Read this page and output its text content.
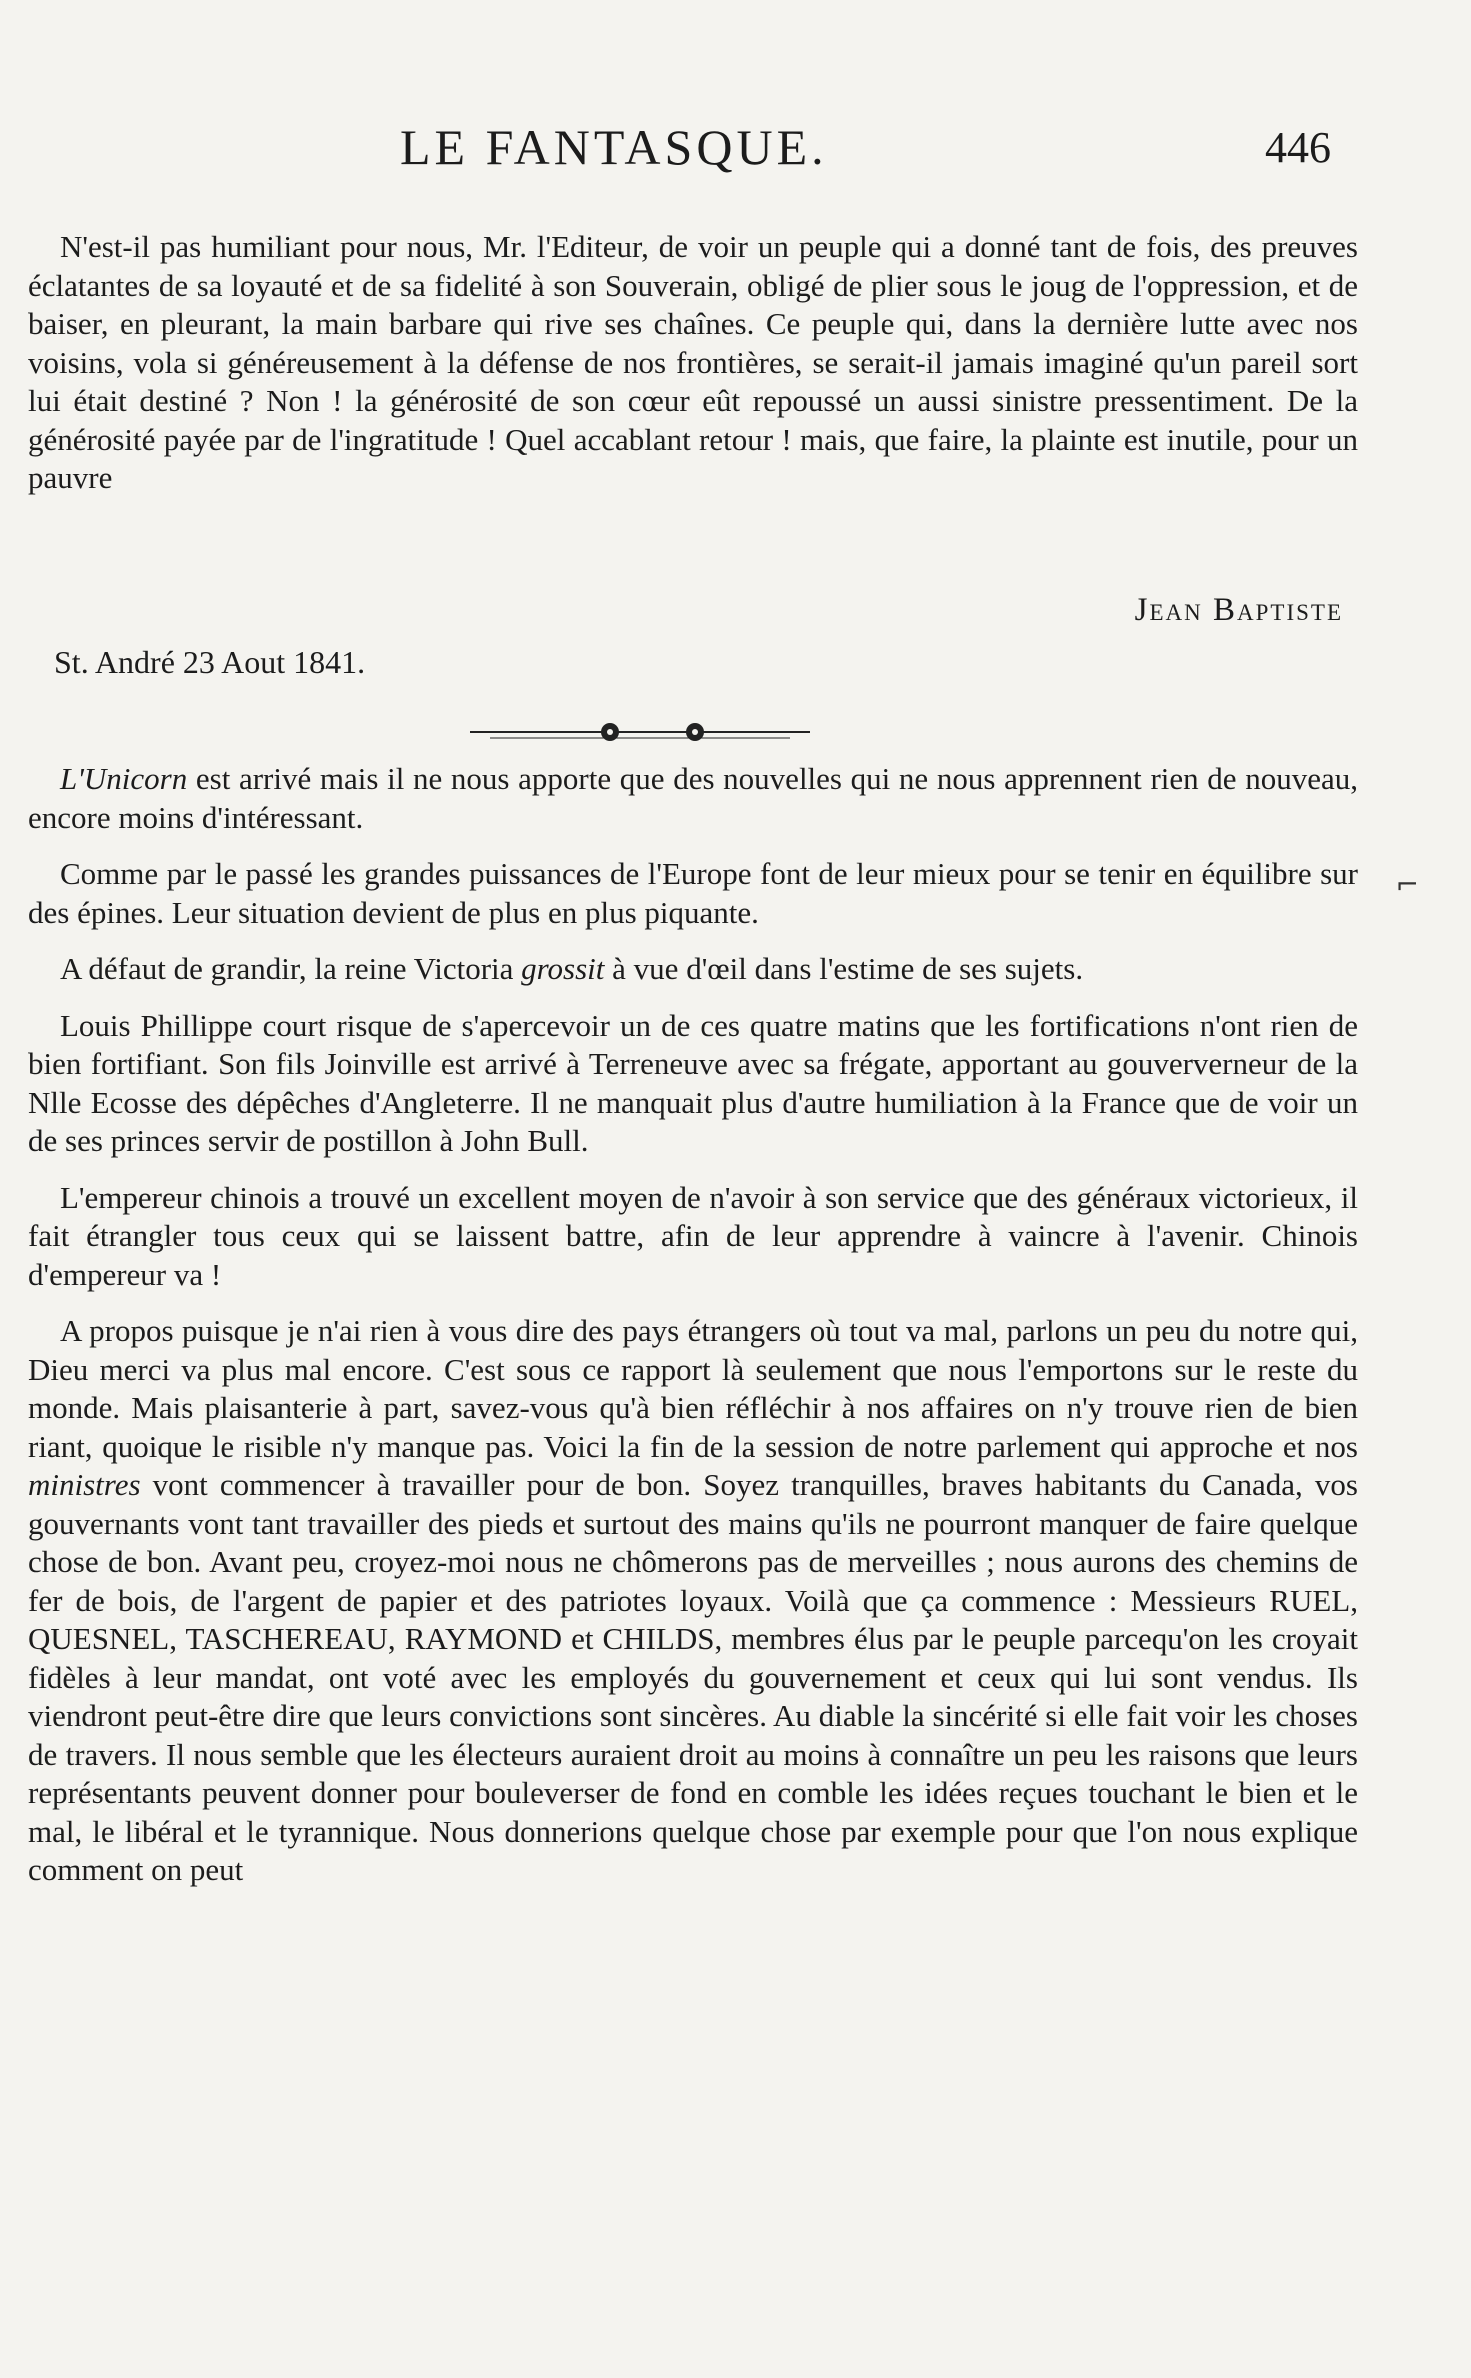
LE FANTASQUE.	446

N'est-il pas humiliant pour nous, Mr. l'Editeur, de voir un peuple qui a donné tant de fois, des preuves éclatantes de sa loyauté et de sa fidelité à son Souverain, obligé de plier sous le joug de l'oppression, et de baiser, en pleurant, la main barbare qui rive ses chaînes. Ce peuple qui, dans la dernière lutte avec nos voisins, vola si généreusement à la défense de nos frontières, se serait-il jamais imaginé qu'un pareil sort lui était destiné ? Non ! la générosité de son cœur eût repoussé un aussi sinistre pressentiment. De la générosité payée par de l'ingratitude ! Quel accablant retour ! mais, que faire, la plainte est inutile, pour un pauvre

Jean Baptiste
St. André 23 Aout 1841.

L'Unicorn est arrivé mais il ne nous apporte que des nouvelles qui ne nous apprennent rien de nouveau, encore moins d'intéressant.

Comme par le passé les grandes puissances de l'Europe font de leur mieux pour se tenir en équilibre sur des épines. Leur situation devient de plus en plus piquante.

A défaut de grandir, la reine Victoria grossit à vue d'œil dans l'estime de ses sujets.

Louis Phillippe court risque de s'apercevoir un de ces quatre matins que les fortifications n'ont rien de bien fortifiant. Son fils Joinville est arrivé à Terreneuve avec sa frégate, apportant au gouververneur de la Nlle Ecosse des dépêches d'Angleterre. Il ne manquait plus d'autre humiliation à la France que de voir un de ses princes servir de postillon à John Bull.

L'empereur chinois a trouvé un excellent moyen de n'avoir à son service que des généraux victorieux, il fait étrangler tous ceux qui se laissent battre, afin de leur apprendre à vaincre à l'avenir. Chinois d'empereur va !

A propos puisque je n'ai rien à vous dire des pays étrangers où tout va mal, parlons un peu du notre qui, Dieu merci va plus mal encore. C'est sous ce rapport là seulement que nous l'emportons sur le reste du monde. Mais plaisanterie à part, savez-vous qu'à bien réfléchir à nos affaires on n'y trouve rien de bien riant, quoique le risible n'y manque pas. Voici la fin de la session de notre parlement qui approche et nos ministres vont commencer à travailler pour de bon. Soyez tranquilles, braves habitants du Canada, vos gouvernants vont tant travailler des pieds et surtout des mains qu'ils ne pourront manquer de faire quelque chose de bon. Avant peu, croyez-moi nous ne chômerons pas de merveilles ; nous aurons des chemins de fer de bois, de l'argent de papier et des patriotes loyaux. Voilà que ça commence : Messieurs RUEL, QUESNEL, TASCHEREAU, RAYMOND et CHILDS, membres élus par le peuple parcequ'on les croyait fidèles à leur mandat, ont voté avec les employés du gouvernement et ceux qui lui sont vendus. Ils viendront peut-être dire que leurs convictions sont sincères. Au diable la sincérité si elle fait voir les choses de travers. Il nous semble que les électeurs auraient droit au moins à connaître un peu les raisons que leurs représentants peuvent donner pour bouleverser de fond en comble les idées reçues touchant le bien et le mal, le libéral et le tyrannique. Nous donnerions quelque chose par exemple pour que l'on nous explique comment on peut

⌐
